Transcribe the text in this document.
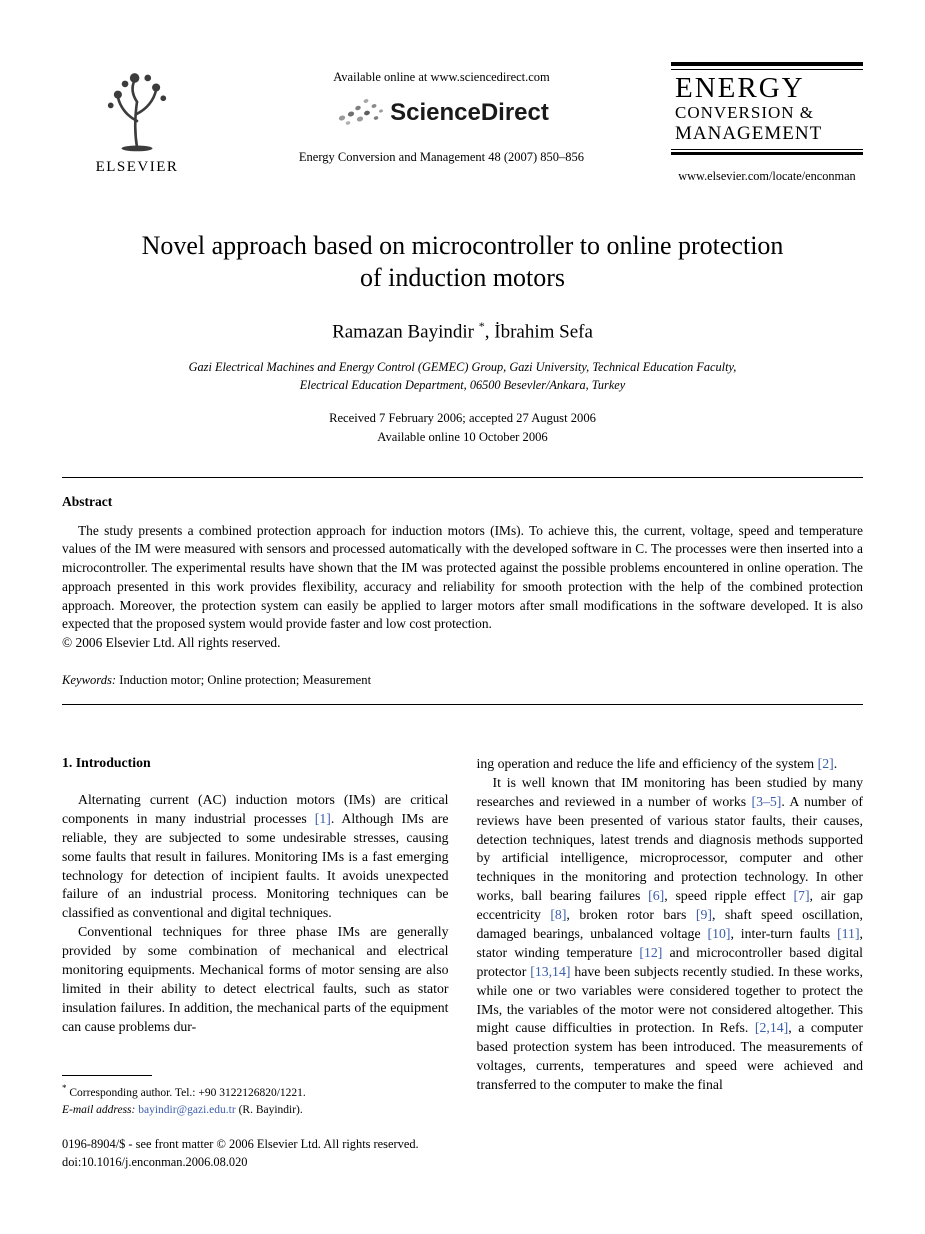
ELSEVIER
Available online at www.sciencedirect.com
ScienceDirect
Energy Conversion and Management 48 (2007) 850–856
ENERGY
CONVERSION &
MANAGEMENT
www.elsevier.com/locate/enconman
Novel approach based on microcontroller to online protection
of induction motors
Ramazan Bayindir *, İbrahim Sefa
Gazi Electrical Machines and Energy Control (GEMEC) Group, Gazi University, Technical Education Faculty,
Electrical Education Department, 06500 Besevler/Ankara, Turkey
Received 7 February 2006; accepted 27 August 2006
Available online 10 October 2006
Abstract
The study presents a combined protection approach for induction motors (IMs). To achieve this, the current, voltage, speed and temperature values of the IM were measured with sensors and processed automatically with the developed software in C. The processes were then inserted into a microcontroller. The experimental results have shown that the IM was protected against the possible problems encountered in online operation. The approach presented in this work provides flexibility, accuracy and reliability for smooth protection with the help of the combined protection approach. Moreover, the protection system can easily be applied to larger motors after small modifications in the software developed. It is also expected that the proposed system would provide faster and low cost protection.
© 2006 Elsevier Ltd. All rights reserved.
Keywords: Induction motor; Online protection; Measurement
1. Introduction
Alternating current (AC) induction motors (IMs) are critical components in many industrial processes [1]. Although IMs are reliable, they are subjected to some undesirable stresses, causing some faults that result in failures. Monitoring IMs is a fast emerging technology for detection of incipient faults. It avoids unexpected failure of an industrial process. Monitoring techniques can be classified as conventional and digital techniques.
Conventional techniques for three phase IMs are generally provided by some combination of mechanical and electrical monitoring equipments. Mechanical forms of motor sensing are also limited in their ability to detect electrical faults, such as stator insulation failures. In addition, the mechanical parts of the equipment can cause problems dur-
* Corresponding author. Tel.: +90 3122126820/1221.
E-mail address: bayindir@gazi.edu.tr (R. Bayindir).
ing operation and reduce the life and efficiency of the system [2].
It is well known that IM monitoring has been studied by many researches and reviewed in a number of works [3–5]. A number of reviews have been presented of various stator faults, their causes, detection techniques, latest trends and diagnosis methods supported by artificial intelligence, microprocessor, computer and other techniques in the monitoring and protection technology. In other works, ball bearing failures [6], speed ripple effect [7], air gap eccentricity [8], broken rotor bars [9], shaft speed oscillation, damaged bearings, unbalanced voltage [10], inter-turn faults [11], stator winding temperature [12] and microcontroller based digital protector [13,14] have been subjects recently studied. In these works, while one or two variables were considered together to protect the IMs, the variables of the motor were not considered altogether. This might cause difficulties in protection. In Refs. [2,14], a computer based protection system has been introduced. The measurements of voltages, currents, temperatures and speed were achieved and transferred to the computer to make the final
0196-8904/$ - see front matter © 2006 Elsevier Ltd. All rights reserved.
doi:10.1016/j.enconman.2006.08.020
